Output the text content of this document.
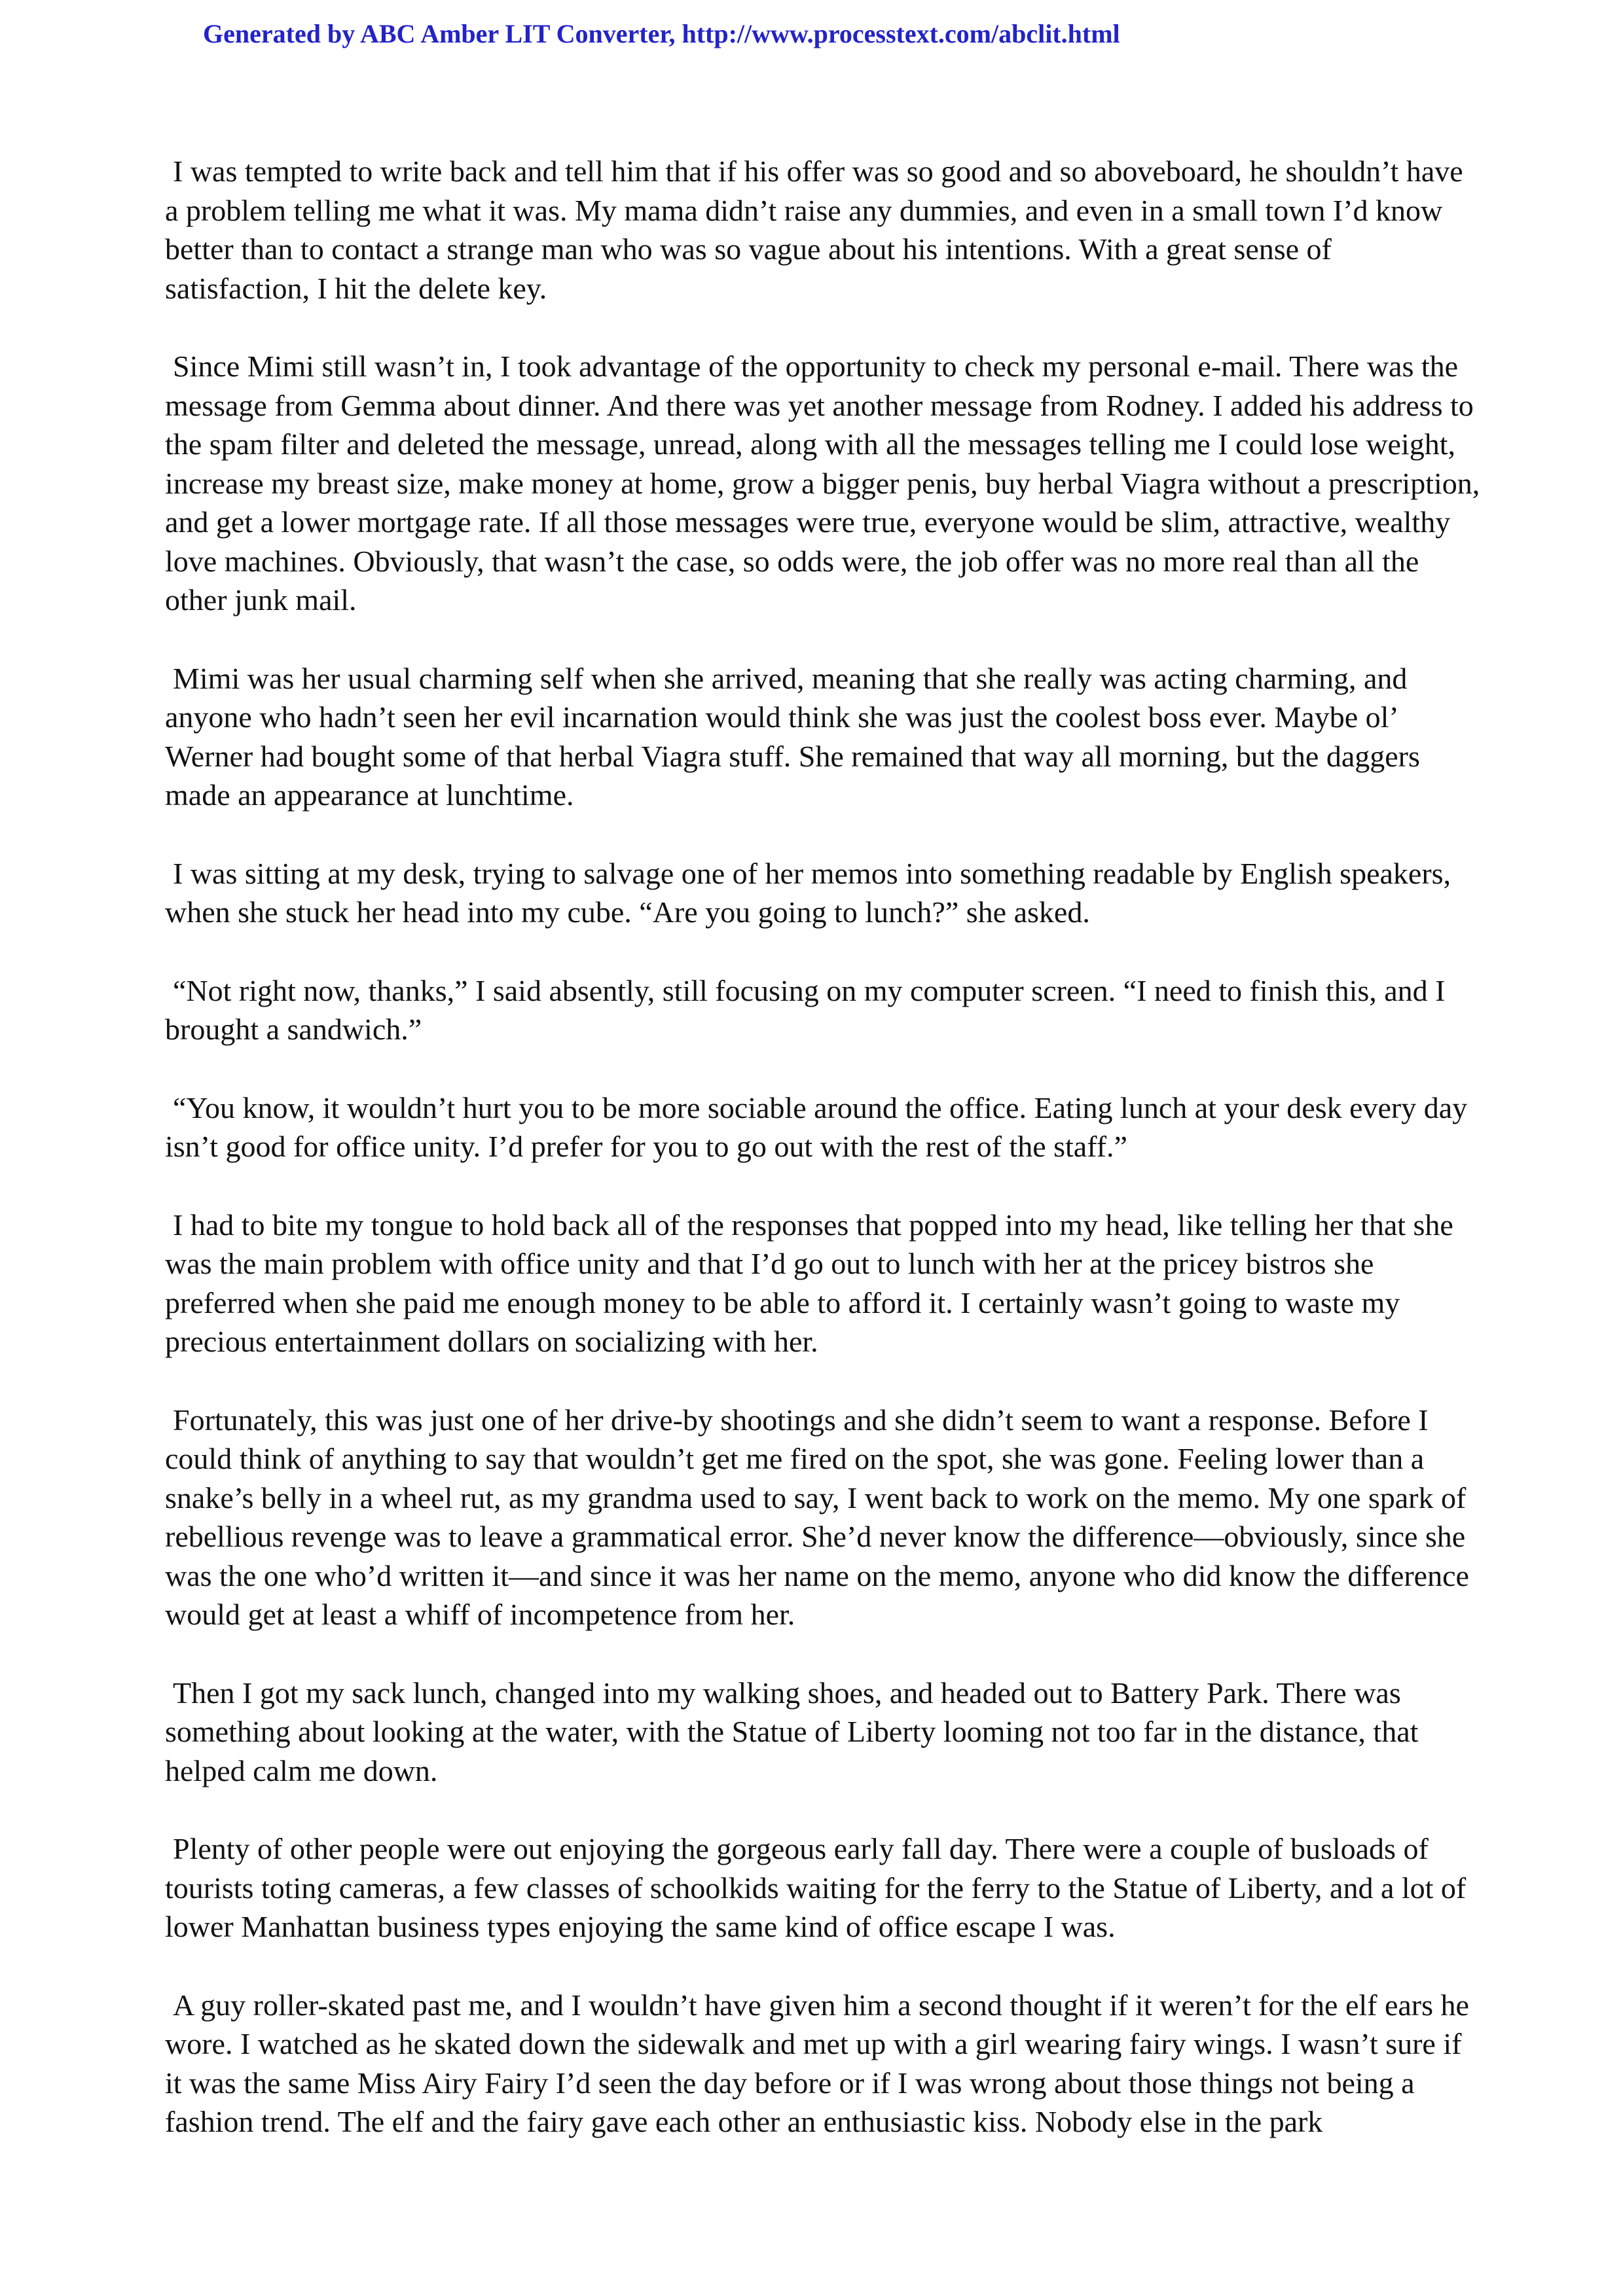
Generated by ABC Amber LIT Converter, http://www.processtext.com/abclit.html

I was tempted to write back and tell him that if his offer was so good and so aboveboard, he shouldn’t have a problem telling me what it was. My mama didn’t raise any dummies, and even in a small town I’d know better than to contact a strange man who was so vague about his intentions. With a great sense of satisfaction, I hit the delete key.

Since Mimi still wasn’t in, I took advantage of the opportunity to check my personal e-mail. There was the message from Gemma about dinner. And there was yet another message from Rodney. I added his address to the spam filter and deleted the message, unread, along with all the messages telling me I could lose weight, increase my breast size, make money at home, grow a bigger penis, buy herbal Viagra without a prescription, and get a lower mortgage rate. If all those messages were true, everyone would be slim, attractive, wealthy love machines. Obviously, that wasn’t the case, so odds were, the job offer was no more real than all the other junk mail.

Mimi was her usual charming self when she arrived, meaning that she really was acting charming, and anyone who hadn’t seen her evil incarnation would think she was just the coolest boss ever. Maybe ol’ Werner had bought some of that herbal Viagra stuff. She remained that way all morning, but the daggers made an appearance at lunchtime.

I was sitting at my desk, trying to salvage one of her memos into something readable by English speakers, when she stuck her head into my cube. “Are you going to lunch?” she asked.

“Not right now, thanks,” I said absently, still focusing on my computer screen. “I need to finish this, and I brought a sandwich.”

“You know, it wouldn’t hurt you to be more sociable around the office. Eating lunch at your desk every day isn’t good for office unity. I’d prefer for you to go out with the rest of the staff.”

I had to bite my tongue to hold back all of the responses that popped into my head, like telling her that she was the main problem with office unity and that I’d go out to lunch with her at the pricey bistros she preferred when she paid me enough money to be able to afford it. I certainly wasn’t going to waste my precious entertainment dollars on socializing with her.

Fortunately, this was just one of her drive-by shootings and she didn’t seem to want a response. Before I could think of anything to say that wouldn’t get me fired on the spot, she was gone. Feeling lower than a snake’s belly in a wheel rut, as my grandma used to say, I went back to work on the memo. My one spark of rebellious revenge was to leave a grammatical error. She’d never know the difference—obviously, since she was the one who’d written it—and since it was her name on the memo, anyone who did know the difference would get at least a whiff of incompetence from her.

Then I got my sack lunch, changed into my walking shoes, and headed out to Battery Park. There was something about looking at the water, with the Statue of Liberty looming not too far in the distance, that helped calm me down.

Plenty of other people were out enjoying the gorgeous early fall day. There were a couple of busloads of tourists toting cameras, a few classes of schoolkids waiting for the ferry to the Statue of Liberty, and a lot of lower Manhattan business types enjoying the same kind of office escape I was.

A guy roller-skated past me, and I wouldn’t have given him a second thought if it weren’t for the elf ears he wore. I watched as he skated down the sidewalk and met up with a girl wearing fairy wings. I wasn’t sure if it was the same Miss Airy Fairy I’d seen the day before or if I was wrong about those things not being a fashion trend. The elf and the fairy gave each other an enthusiastic kiss. Nobody else in the park
